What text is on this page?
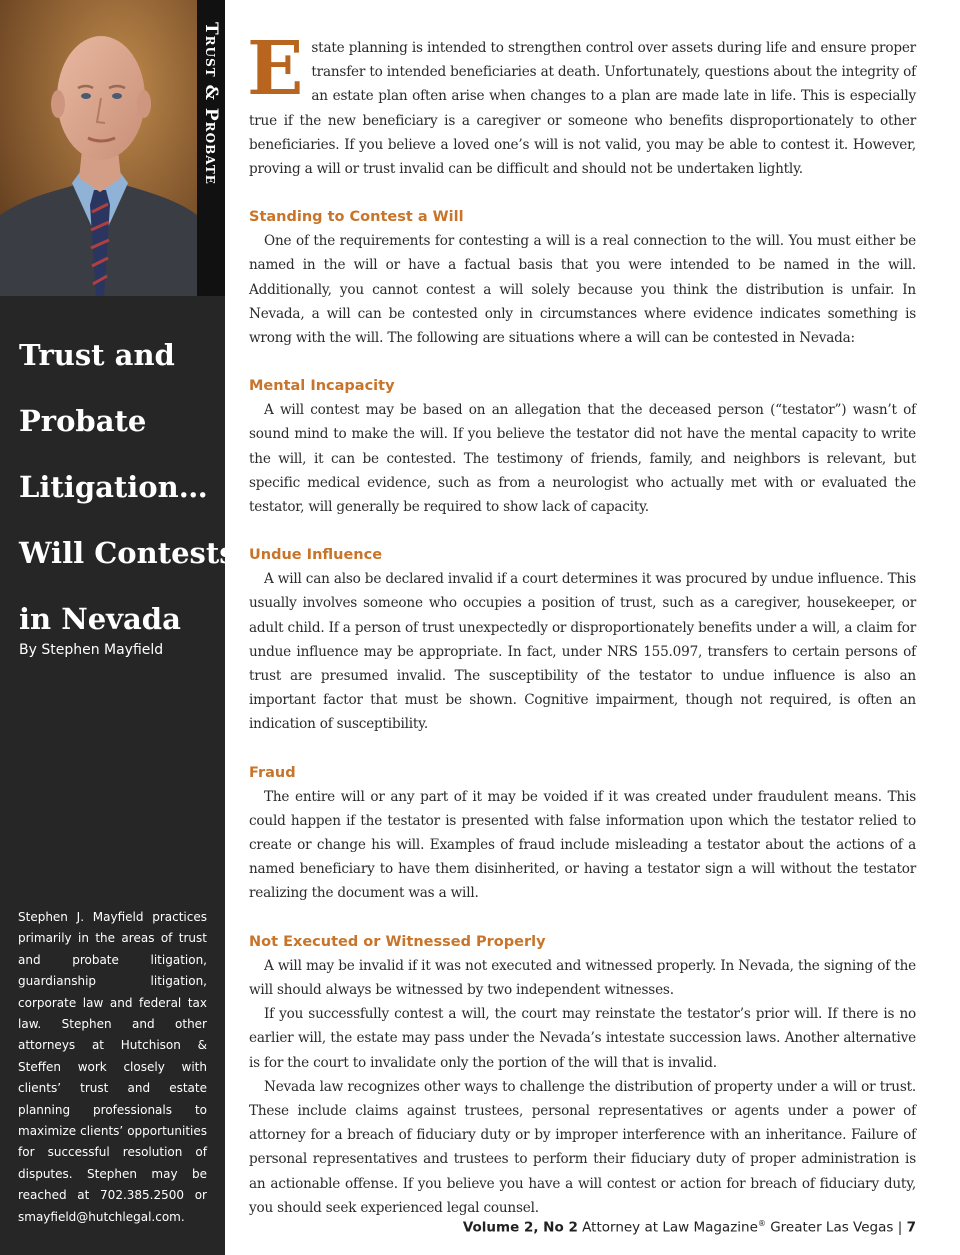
Trust & Probate
Trust and
Probate
Litigation…
Will Contests
in Nevada
By Stephen Mayfield
Stephen J. Mayfield practices primarily in the areas of trust and probate litigation, guardianship litigation, corporate law and federal tax law. Stephen and other attorneys at Hutchison & Steffen work closely with clients’ trust and estate planning professionals to maximize clients’ opportunities for successful resolution of disputes. Stephen may be reached at 702.385.2500 or smayfield@hutchlegal.com.
E state planning is intended to strengthen control over assets during life and ensure proper transfer to intended beneficiaries at death. Unfortunately, questions about the integrity of an estate plan often arise when changes to a plan are made late in life. This is especially true if the new beneficiary is a caregiver or someone who benefits disproportionately to other beneficiaries. If you believe a loved one’s will is not valid, you may be able to contest it. However, proving a will or trust invalid can be difficult and should not be undertaken lightly.

Standing to Contest a Will

One of the requirements for contesting a will is a real connection to the will. You must either be named in the will or have a factual basis that you were intended to be named in the will. Additionally, you cannot contest a will solely because you think the distribution is unfair. In Nevada, a will can be contested only in circumstances where evidence indicates something is wrong with the will. The following are situations where a will can be contested in Nevada:

Mental Incapacity

A will contest may be based on an allegation that the deceased person (“testator”) wasn’t of sound mind to make the will. If you believe the testator did not have the mental capacity to write the will, it can be contested. The testimony of friends, family, and neighbors is relevant, but specific medical evidence, such as from a neurologist who actually met with or evaluated the testator, will generally be required to show lack of capacity.

Undue Influence

A will can also be declared invalid if a court determines it was procured by undue influence. This usually involves someone who occupies a position of trust, such as a caregiver, housekeeper, or adult child. If a person of trust unexpectedly or disproportionately benefits under a will, a claim for undue influence may be appropriate. In fact, under NRS 155.097, transfers to certain persons of trust are presumed invalid. The susceptibility of the testator to undue influence is also an important factor that must be shown. Cognitive impairment, though not required, is often an indication of susceptibility.

Fraud

The entire will or any part of it may be voided if it was created under fraudulent means. This could happen if the testator is presented with false information upon which the testator relied to create or change his will. Examples of fraud include misleading a testator about the actions of a named beneficiary to have them disinherited, or having a testator sign a will without the testator realizing the document was a will.

Not Executed or Witnessed Properly

A will may be invalid if it was not executed and witnessed properly. In Nevada, the signing of the will should always be witnessed by two independent witnesses.

If you successfully contest a will, the court may reinstate the testator’s prior will. If there is no earlier will, the estate may pass under the Nevada’s intestate succession laws. Another alternative is for the court to invalidate only the portion of the will that is invalid.

Nevada law recognizes other ways to challenge the distribution of property under a will or trust. These include claims against trustees, personal representatives or agents under a power of attorney for a breach of fiduciary duty or by improper interference with an inheritance. Failure of personal representatives and trustees to perform their fiduciary duty of proper administration is an actionable offense. If you believe you have a will contest or action for breach of fiduciary duty, you should seek experienced legal counsel.

Volume 2, No 2 Attorney at Law Magazine® Greater Las Vegas | 7
